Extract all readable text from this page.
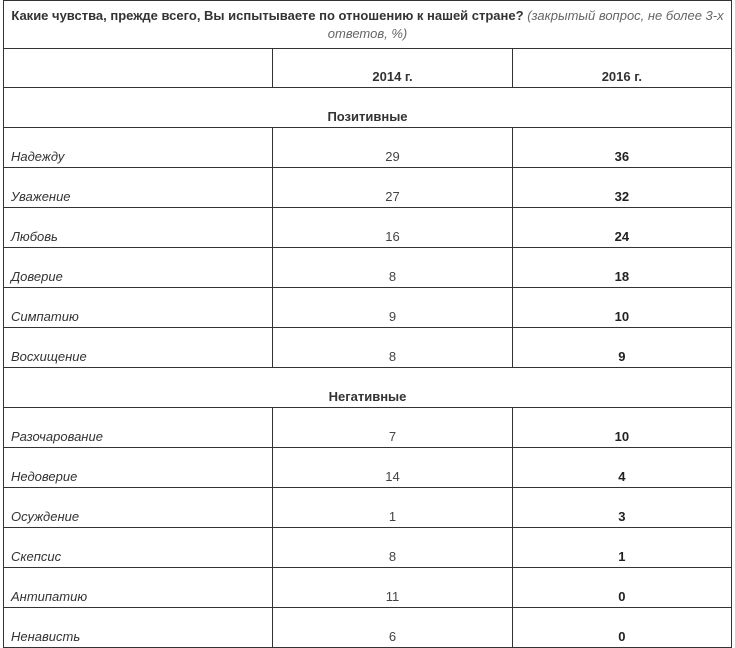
Какие чувства, прежде всего, Вы испытываете по отношению к нашей стране? (закрытый вопрос, не более 3-х ответов, %)		
	2014 г.	2016 г.
Позитивные		
Надежду	29	36
Уважение	27	32
Любовь	16	24
Доверие	8	18
Симпатию	9	10
Восхищение	8	9
Негативные		
Разочарование	7	10
Недоверие	14	4
Осуждение	1	3
Скепсис	8	1
Антипатию	11	0
Ненависть	6	0
